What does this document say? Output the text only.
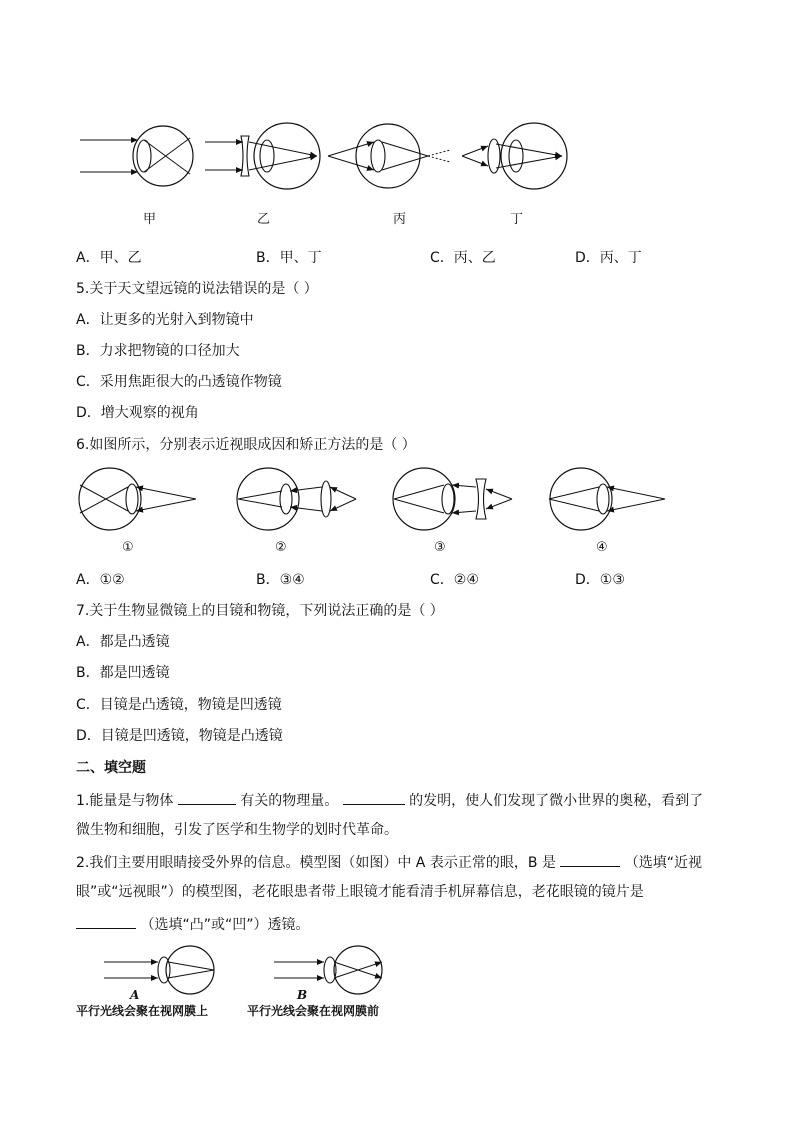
甲	乙	丙	丁
A．甲、乙	B．甲、丁	C．丙、乙	D．丙、丁
5.关于天文望远镜的说法错误的是（ ）
A．让更多的光射入到物镜中
B．力求把物镜的口径加大
C．采用焦距很大的凸透镜作物镜
D．增大观察的视角
6.如图所示，分别表示近视眼成因和矫正方法的是（ ）
①	②	③	④
A．①②	B．③④	C．②④	D．①③
7.关于生物显微镜上的目镜和物镜，下列说法正确的是（ ）
A．都是凸透镜
B．都是凹透镜
C．目镜是凸透镜，物镜是凹透镜
D．目镜是凹透镜，物镜是凸透镜
二、填空题
1.能量是与物体	有关的物理量。	的发明，使人们发现了微小世界的奥秘，看到了
微生物和细胞，引发了医学和生物学的划时代革命。
2.我们主要用眼睛接受外界的信息。模型图（如图）中 A 表示正常的眼，B 是	（选填“近视
眼”或“远视眼”）的模型图，老花眼患者带上眼镜才能看清手机屏幕信息，老花眼镜的镜片是
（选填“凸”或“凹”）透镜。
A	B
平行光线会聚在视网膜上	平行光线会聚在视网膜前
